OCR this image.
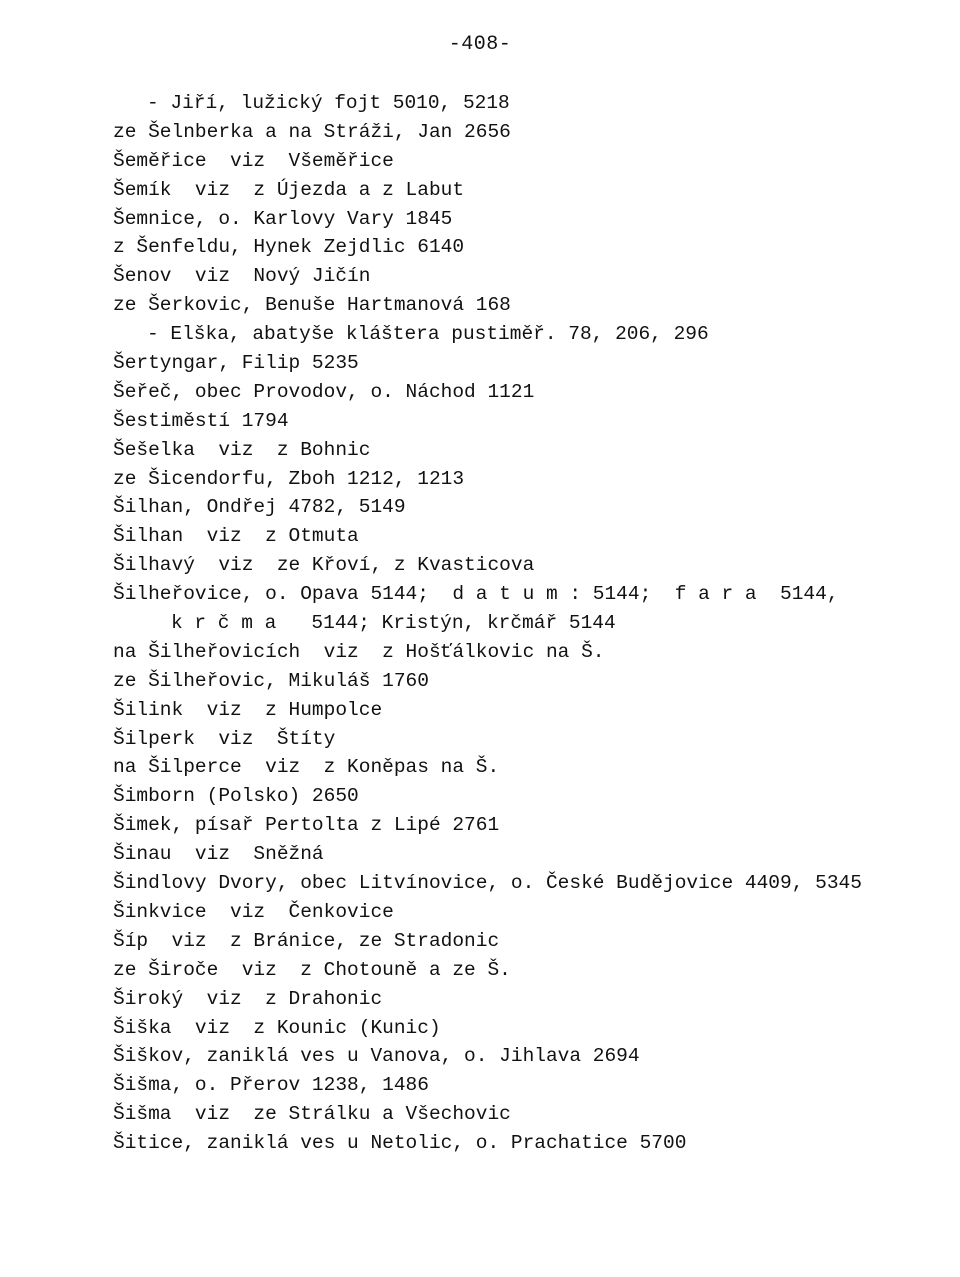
-408-
- Jiří, lužický fojt 5010, 5218
ze Šelnberka a na Stráži, Jan 2656
Šeměřice  viz  Všeměřice
Šemík  viz  z Újezda a z Labut
Šemnice, o. Karlovy Vary 1845
z Šenfeldu, Hynek Zejdlic 6140
Šenov  viz  Nový Jičín
ze Šerkovic, Benuše Hartmanová 168
- Elška, abatyše kláštera pustiměř. 78, 206, 296
Šertyngar, Filip 5235
Šeřeč, obec Provodov, o. Náchod 1121
Šestiměstí 1794
Šešelka  viz  z Bohnic
ze Šicendorfu, Zboh 1212, 1213
Šilhan, Ondřej 4782, 5149
Šilhan  viz  z Otmuta
Šilhavý  viz  ze Křoví, z Kvasticova
Šilheřovice, o. Opava 5144;  d a t u m : 5144;  f a r a  5144,
k r č m a   5144; Kristýn, krčmář 5144
na Šilheřovicích  viz  z Hošťálkovic na Š.
ze Šilheřovic, Mikuláš 1760
Šilink  viz  z Humpolce
Šilperk  viz  Štíty
na Šilperce  viz  z Koněpas na Š.
Šimborn (Polsko) 2650
Šimek, písař Pertolta z Lipé 2761
Šinau  viz  Sněžná
Šindlovy Dvory, obec Litvínovice, o. České Budějovice 4409, 5345
Šinkvice  viz  Čenkovice
Šíp  viz  z Bránice, ze Stradonic
ze Široče  viz  z Chotouně a ze Š.
Široký  viz  z Drahonic
Šiška  viz  z Kounic (Kunic)
Šiškov, zaniklá ves u Vanova, o. Jihlava 2694
Šišma, o. Přerov 1238, 1486
Šišma  viz  ze Strálku a Všechovic
Šitice, zaniklá ves u Netolic, o. Prachatice 5700
